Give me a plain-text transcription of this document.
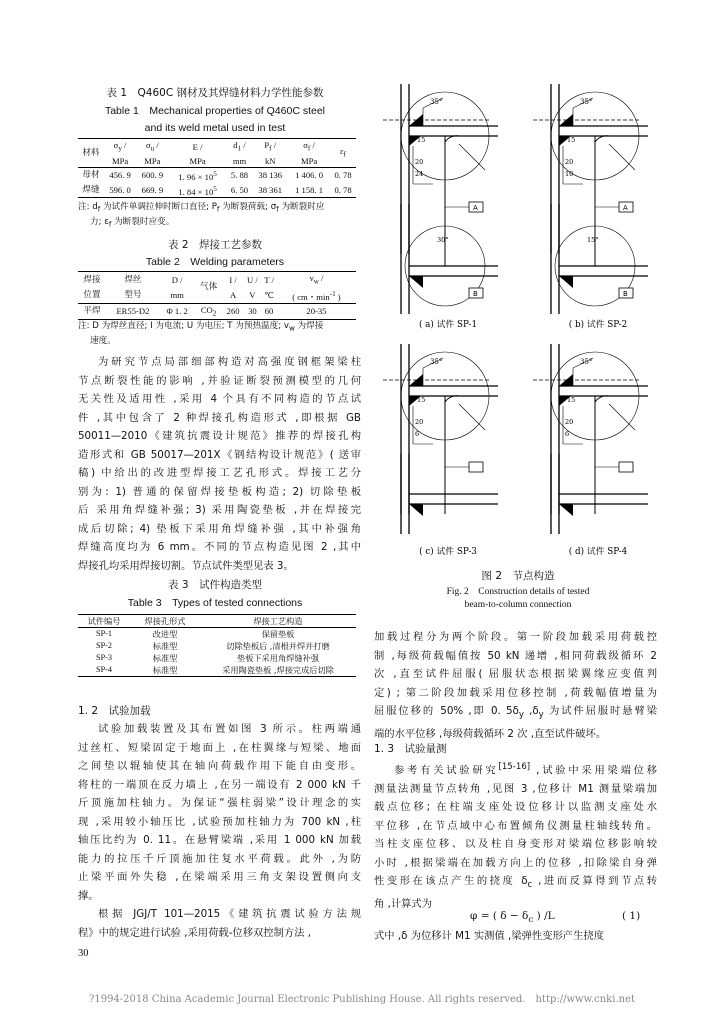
表 1　Q460C 钢材及其焊缝材料力学性能参数
Table 1　Mechanical properties of Q460C steel
and its weld metal used in test
材料	$\sigma_y$ /	$\sigma_u$ /	E /	$d_1$ /	$P_f$ /	$\sigma_f$ /	$\varepsilon_f$
	MPa	MPa	MPa	mm	kN	MPa	
母材	456. 9	600. 9	1. $96 \times 10^5$	5. 88	38 136	1 406. 0	0. 78
焊缝	596. 0	669. 9	1. $84 \times 10^5$	6. 50	38 361	1 158. 1	0. 78
注: $d_f$ 为试件单调拉伸时断口直径; $P_f$ 为断裂荷载; $\sigma_f$ 为断裂时应
力; $\varepsilon_f$ 为断裂时应变。
表 2　焊接工艺参数
Table 2　Welding parameters
焊接	焊丝	D /	气体	I /	U /	T /	$v_w$ /
位置	型号	mm		A	V	℃	( cm・$\min^{-1}$ )
平焊	ER55-D2	Φ 1. 2	$CO_2$	260	30	60	20-35
注: D 为焊丝直径; I 为电流; U 为电压; T 为预热温度; $v_w$ 为焊接
速度。
为研究节点局部细部构造对高强度钢框架梁柱
节点断裂性能的影响 ,并验证断裂预测模型的几何
无关性及适用性 ,采用 4 个具有不同构造的节点试
件 ,其中包含了 2 种焊接孔构造形式 ,即根据 GB
50011—2010《建筑抗震设计规范》推荐的焊接孔构
造形式和 GB 50017—201X《钢结构设计规范》( 送审
稿) 中给出的改进型焊接工艺孔形式。焊接工艺分
别为: 1) 普通的保留焊接垫板构造; 2) 切除垫板
后 采用角焊缝补强; 3) 采用陶瓷垫板 ,并在焊接完
成后切除; 4) 垫板下采用角焊缝补强 ,其中补强角
焊缝高度均为 6 mm。不同的节点构造见图 2 ,其中
焊接孔均采用焊接切割。节点试件类型见表 3。
表 3　试件构造类型
Table 3　Types of tested connections
试件编号	焊接孔形式	焊接工艺构造
SP-1	改进型	保留垫板
SP-2	标准型	切除垫板后 ,清根并焊并打磨
SP-3	标准型	垫板下采用角焊缝补强
SP-4	标准型	采用陶瓷垫板 ,焊接完成后切除
1. 2　试验加载
试验加载装置及其布置如图 3 所示。柱两端通
过丝杠、短梁固定于地面上 ,在柱翼缘与短梁、地面
之间垫以辊轴使其在轴向荷载作用下能自由变形。
将柱的一端顶在反力墙上 ,在另一端设有 2 000 kN 千
斤顶施加柱轴力。为保证“强柱弱梁”设计理念的实
现 ,采用较小轴压比 ,试验预加柱轴力为 700 kN ,柱
轴压比约为 0. 11。在悬臂梁端 ,采用 1 000 kN 加载
能力的拉压千斤顶施加往复水平荷载。此外 ,为防
止梁平面外失稳 ,在梁端采用三角支架设置侧向支
撑。
根据 JGJ/T 101—2015《建筑抗震试验方法规
程》中的规定进行试验 ,采用荷载-位移双控制方法 ,
30
35°
15
20
24
A
30°
B
35°
15
20
10
A
15°
B
( a) 试件 SP-1	( b) 试件 SP-2
35°
15
20
6
35°
15
20
6
( c) 试件 SP-3	( d) 试件 SP-4
图 2　节点构造
Fig. 2　Construction details of tested
beam-to-column connection
加载过程分为两个阶段。第一阶段加载采用荷载控
制 ,每级荷载幅值按 50 kN 递增 ,相同荷载级循环 2
次 ,直至试件屈服( 屈服状态根据梁翼缘应变值判
定) ; 第二阶段加载采用位移控制 ,荷载幅值增量为
屈服位移的 50% ,即 0. $5\delta_y$ $,\delta_y$ 为试件屈服时悬臂梁
端的水平位移 ,每级荷载循环 2 次 ,直至试件破坏。
1. 3　试验量测
参考有关试验研究[15-16] ,试验中采用梁端位移
测量法测量节点转角 ,见图 3 ,位移计 M1 测量梁端加
载点位移; 在柱端支座处设位移计以监测支座处水
平位移 ,在节点域中心布置倾角仪测量柱轴线转角。
当柱支座位移、以及柱自身变形对梁端位移影响较
小时 ,根据梁端在加载方向上的位移 ,扣除梁自身弹
性变形在该点产生的挠度 $\delta_c$ ,进而反算得到节点转
角 ,计算式为
φ = ( $\delta - \delta_c$ ) /L	( 1)
式中 ,δ 为位移计 M1 实测值 ,梁弹性变形产生挠度
?1994-2018 China Academic Journal Electronic Publishing House. All rights reserved.　http://www.cnki.net
